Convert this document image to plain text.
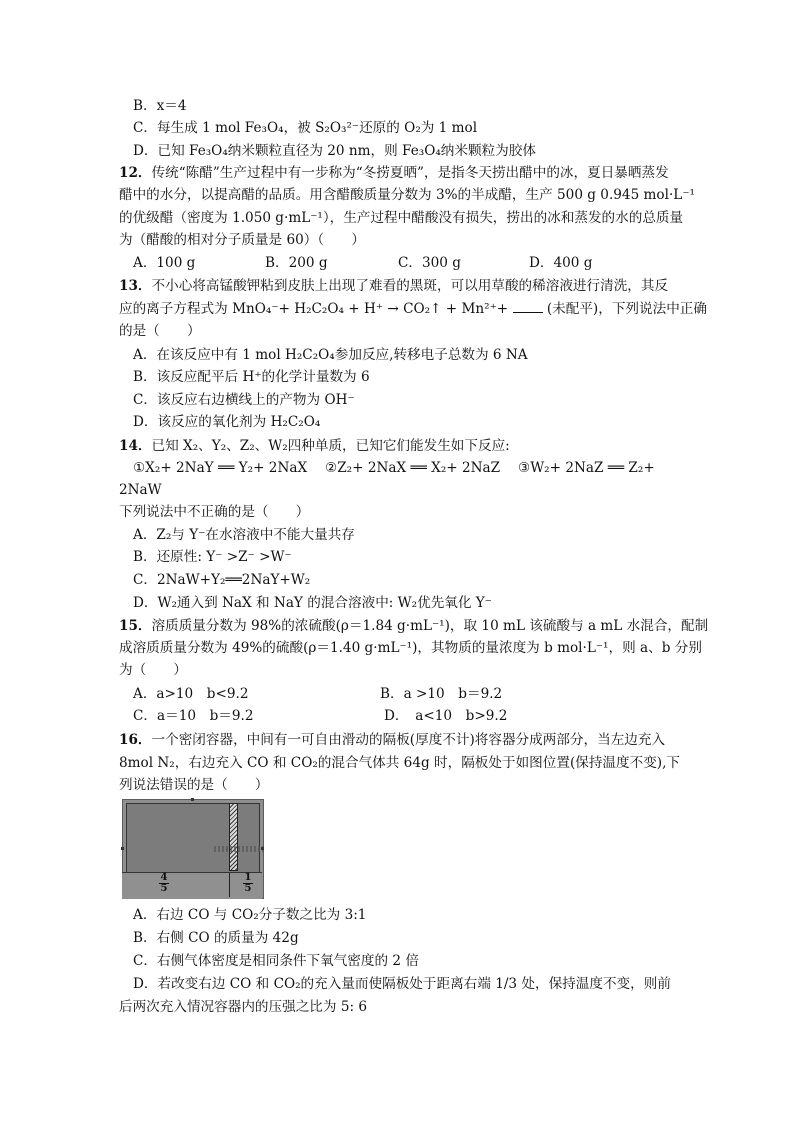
B．x＝4
C．每生成 1 mol Fe₃O₄，被 S₂O₃²⁻还原的 O₂为 1 mol
D．已知 Fe₃O₄纳米颗粒直径为 20 nm，则 Fe₃O₄纳米颗粒为胶体
12．传统“陈醋”生产过程中有一步称为“冬捞夏晒”，是指冬天捞出醋中的冰，夏日暴晒蒸发
醋中的水分，以提高醋的品质。用含醋酸质量分数为 3%的半成醋，生产 500 g 0.945 mol·L⁻¹
的优级醋（密度为 1.050 g·mL⁻¹），生产过程中醋酸没有损失，捞出的冰和蒸发的水的总质量
为（醋酸的相对分子质量是 60）（　　）
A．100 g	B．200 g	C．300 g	D．400 g
13．不小心将高锰酸钾粘到皮肤上出现了难看的黑斑，可以用草酸的稀溶液进行清洗，其反
应的离子方程式为 MnO₄⁻+ H₂C₂O₄ + H⁺ → CO₂↑ + Mn²⁺+	(未配平)，下列说法中正确
的是（　　）
A．在该反应中有 1 mol H₂C₂O₄参加反应,转移电子总数为 6 NA
B．该反应配平后 H⁺的化学计量数为 6
C．该反应右边横线上的产物为 OH⁻
D．该反应的氧化剂为 H₂C₂O₄
14．已知 X₂、Y₂、Z₂、W₂四种单质，已知它们能发生如下反应:
①X₂+ 2NaY ══ Y₂+ 2NaX　 ②Z₂+ 2NaX ══ X₂+ 2NaZ　 ③W₂+ 2NaZ ══ Z₂+
2NaW
下列说法中不正确的是（　　）
A．Z₂与 Y⁻在水溶液中不能大量共存
B．还原性: Y⁻ >Z⁻ >W⁻
C．2NaW+Y₂══2NaY+W₂
D．W₂通入到 NaX 和 NaY 的混合溶液中: W₂优先氧化 Y⁻
15．溶质质量分数为 98%的浓硫酸(ρ＝1.84 g·mL⁻¹)，取 10 mL 该硫酸与 a mL 水混合，配制
成溶质质量分数为 49%的硫酸(ρ＝1.40 g·mL⁻¹)，其物质的量浓度为 b mol·L⁻¹，则 a、b 分别
为（　　）
A．a>10　b<9.2	B．a >10　b＝9.2
C．a＝10　b＝9.2	D．　a<10　b>9.2
16．一个密闭容器，中间有一可自由滑动的隔板(厚度不计)将容器分成两部分，当左边充入
8mol N₂，右边充入 CO 和 CO₂的混合气体共 64g 时，隔板处于如图位置(保持温度不变),下
列说法错误的是（　　）
$\frac{4}{5}$	$\frac{1}{5}$
A．右边 CO 与 CO₂分子数之比为 3:1
B．右侧 CO 的质量为 42g
C．右侧气体密度是相同条件下氧气密度的 2 倍
D．若改变右边 CO 和 CO₂的充入量而使隔板处于距离右端 1/3 处，保持温度不变，则前
后两次充入情况容器内的压强之比为 5: 6
